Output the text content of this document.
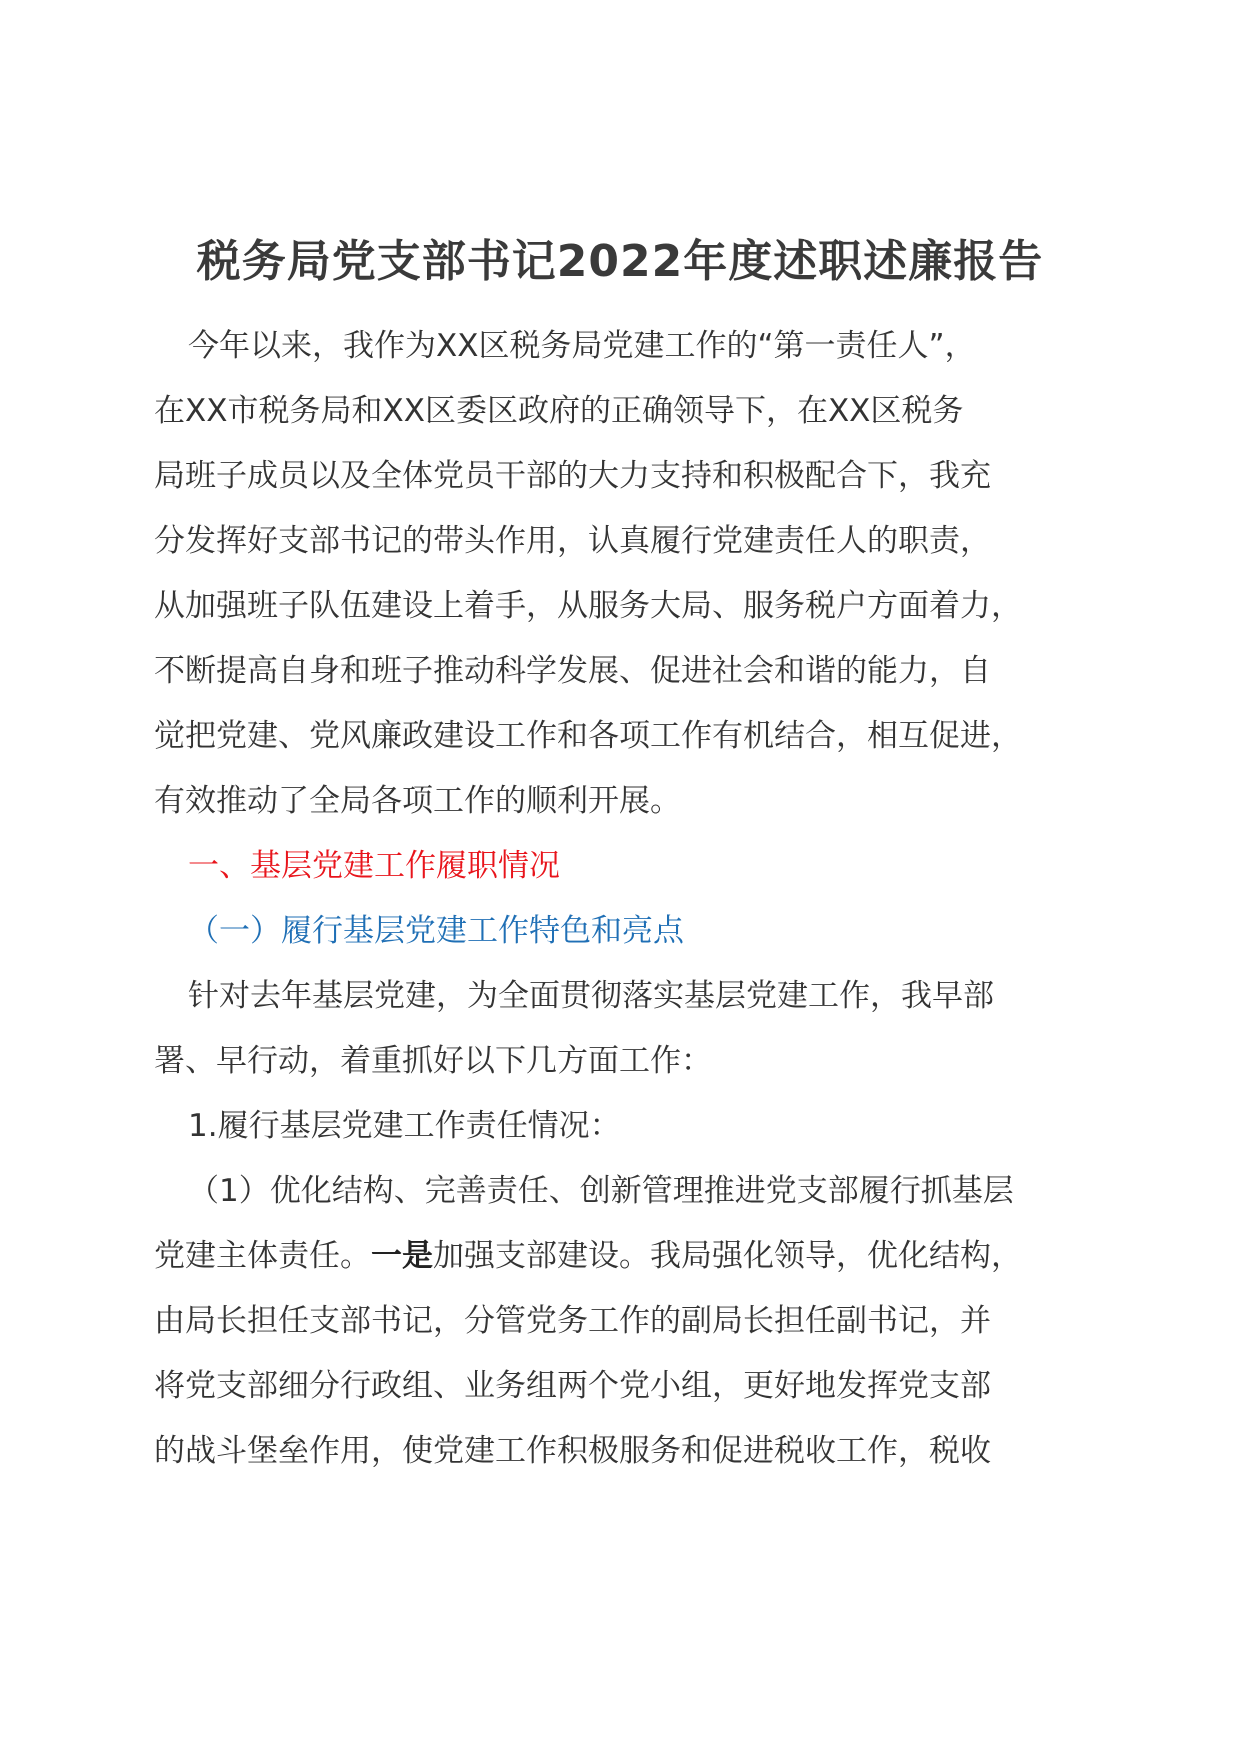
税务局党支部书记2022年度述职述廉报告
今年以来，我作为XX区税务局党建工作的“第一责任人”，
在XX市税务局和XX区委区政府的正确领导下，在XX区税务
局班子成员以及全体党员干部的大力支持和积极配合下，我充
分发挥好支部书记的带头作用，认真履行党建责任人的职责，
从加强班子队伍建设上着手，从服务大局、服务税户方面着力，
不断提高自身和班子推动科学发展、促进社会和谐的能力，自
觉把党建、党风廉政建设工作和各项工作有机结合，相互促进，
有效推动了全局各项工作的顺利开展。
一、基层党建工作履职情况
（一）履行基层党建工作特色和亮点
针对去年基层党建，为全面贯彻落实基层党建工作，我早部
署、早行动，着重抓好以下几方面工作：
1.履行基层党建工作责任情况：
（1）优化结构、完善责任、创新管理推进党支部履行抓基层
党建主体责任。一是加强支部建设。我局强化领导，优化结构，
由局长担任支部书记，分管党务工作的副局长担任副书记，并
将党支部细分行政组、业务组两个党小组，更好地发挥党支部
的战斗堡垒作用，使党建工作积极服务和促进税收工作，税收
